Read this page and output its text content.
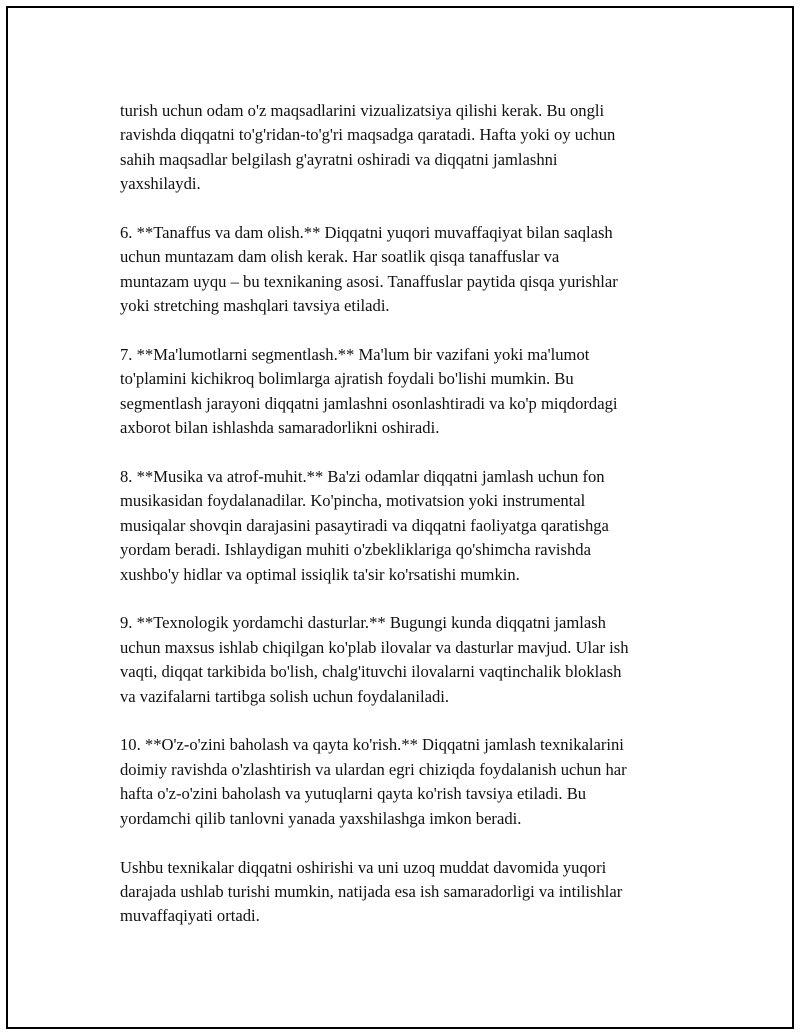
turish uchun odam o'z maqsadlarini vizualizatsiya qilishi kerak. Bu ongli
ravishda diqqatni to'g'ridan-to'g'ri maqsadga qaratadi. Hafta yoki oy uchun
sahih maqsadlar belgilash g'ayratni oshiradi va diqqatni jamlashni
yaxshilaydi.

6. **Tanaffus va dam olish.** Diqqatni yuqori muvaffaqiyat bilan saqlash
uchun muntazam dam olish kerak. Har soatlik qisqa tanaffuslar va
muntazam uyqu – bu texnikaning asosi. Tanaffuslar paytida qisqa yurishlar
yoki stretching mashqlari tavsiya etiladi.

7. **Ma'lumotlarni segmentlash.** Ma'lum bir vazifani yoki ma'lumot
to'plamini kichikroq bolimlarga ajratish foydali bo'lishi mumkin. Bu
segmentlash jarayoni diqqatni jamlashni osonlashtiradi va ko'p miqdordagi
axborot bilan ishlashda samaradorlikni oshiradi.

8. **Musika va atrof-muhit.** Ba'zi odamlar diqqatni jamlash uchun fon
musikasidan foydalanadilar. Ko'pincha, motivatsion yoki instrumental
musiqalar shovqin darajasini pasaytiradi va diqqatni faoliyatga qaratishga
yordam beradi. Ishlaydigan muhiti o'zbekliklariga qo'shimcha ravishda
xushbo'y hidlar va optimal issiqlik ta'sir ko'rsatishi mumkin.

9. **Texnologik yordamchi dasturlar.** Bugungi kunda diqqatni jamlash
uchun maxsus ishlab chiqilgan ko'plab ilovalar va dasturlar mavjud. Ular ish
vaqti, diqqat tarkibida bo'lish, chalg'ituvchi ilovalarni vaqtinchalik bloklash
va vazifalarni tartibga solish uchun foydalaniladi.

10. **O'z-o'zini baholash va qayta ko'rish.** Diqqatni jamlash texnikalarini
doimiy ravishda o'zlashtirish va ulardan egri chiziqda foydalanish uchun har
hafta o'z-o'zini baholash va yutuqlarni qayta ko'rish tavsiya etiladi. Bu
yordamchi qilib tanlovni yanada yaxshilashga imkon beradi.

Ushbu texnikalar diqqatni oshirishi va uni uzoq muddat davomida yuqori
darajada ushlab turishi mumkin, natijada esa ish samaradorligi va intilishlar
muvaffaqiyati ortadi.
